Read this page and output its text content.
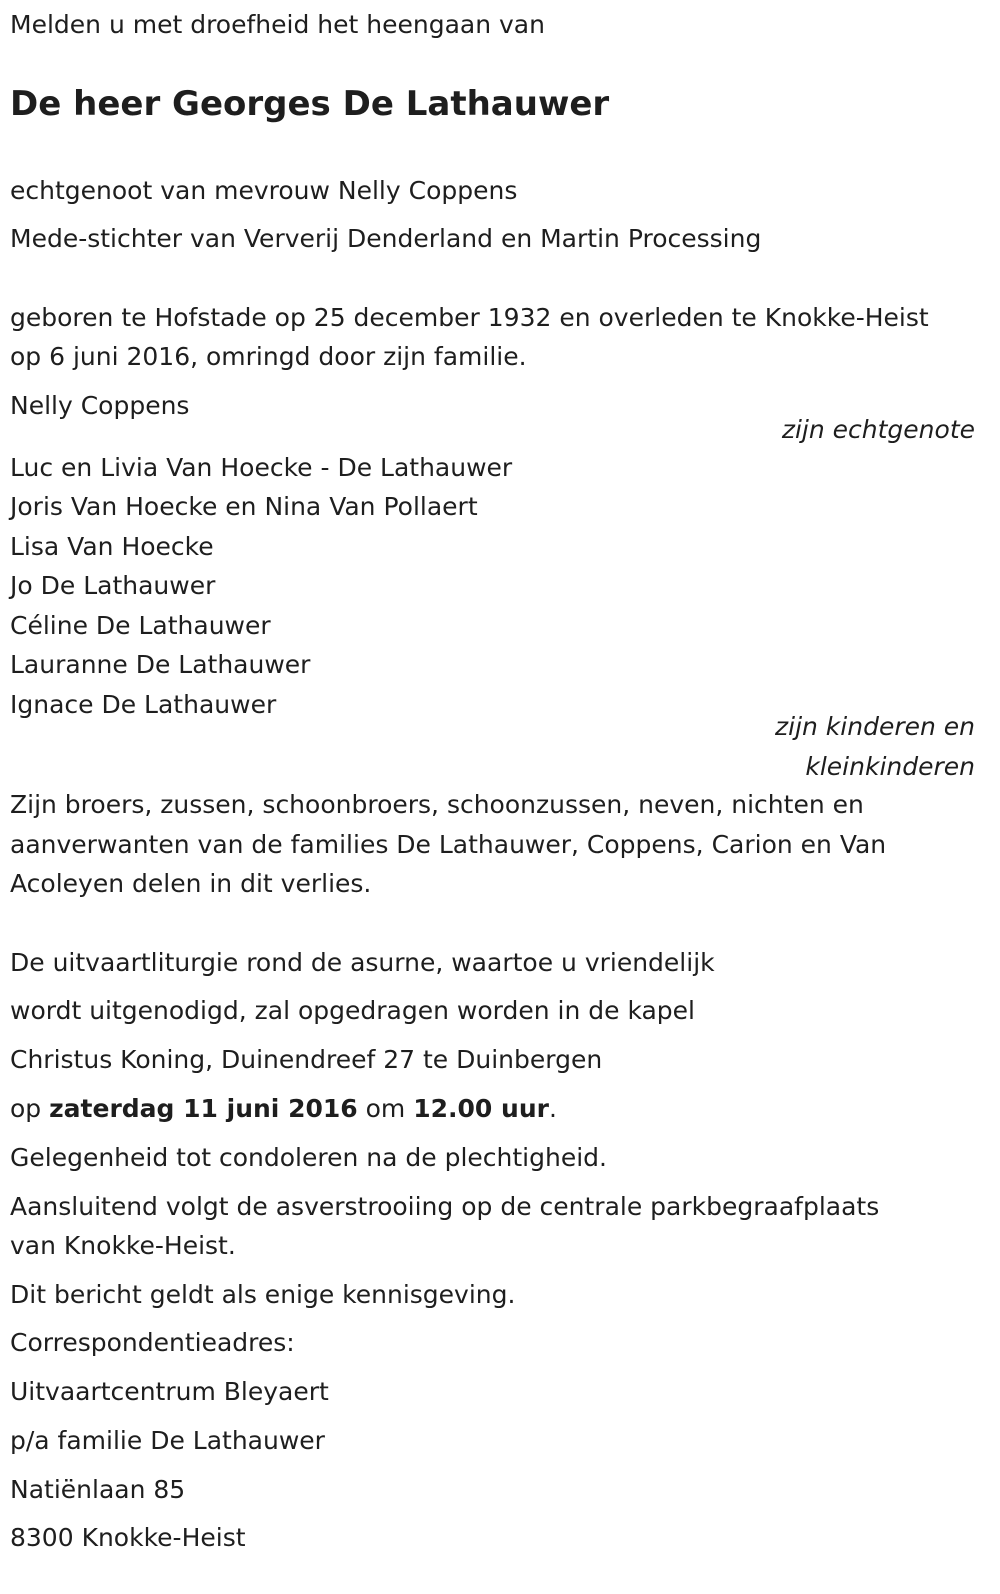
Melden u met droefheid het heengaan van
De heer Georges De Lathauwer
echtgenoot van mevrouw Nelly Coppens
Mede-stichter van Ververij Denderland en Martin Processing
geboren te Hofstade op 25 december 1932 en overleden te Knokke-Heist
op 6 juni 2016, omringd door zijn familie.
Nelly Coppens
zijn echtgenote
Luc en Livia Van Hoecke - De Lathauwer
Joris Van Hoecke en Nina Van Pollaert
Lisa Van Hoecke
Jo De Lathauwer
Céline De Lathauwer
Lauranne De Lathauwer
Ignace De Lathauwer
zijn kinderen en
kleinkinderen
Zijn broers, zussen, schoonbroers, schoonzussen, neven, nichten en
aanverwanten van de families De Lathauwer, Coppens, Carion en Van
Acoleyen delen in dit verlies.
De uitvaartliturgie rond de asurne, waartoe u vriendelijk
wordt uitgenodigd, zal opgedragen worden in de kapel
Christus Koning, Duinendreef 27 te Duinbergen
op zaterdag 11 juni 2016 om 12.00 uur.
Gelegenheid tot condoleren na de plechtigheid.
Aansluitend volgt de asverstrooiing op de centrale parkbegraafplaats
van Knokke-Heist.
Dit bericht geldt als enige kennisgeving.
Correspondentieadres:
Uitvaartcentrum Bleyaert
p/a familie De Lathauwer
Natiënlaan 85
8300 Knokke-Heist
